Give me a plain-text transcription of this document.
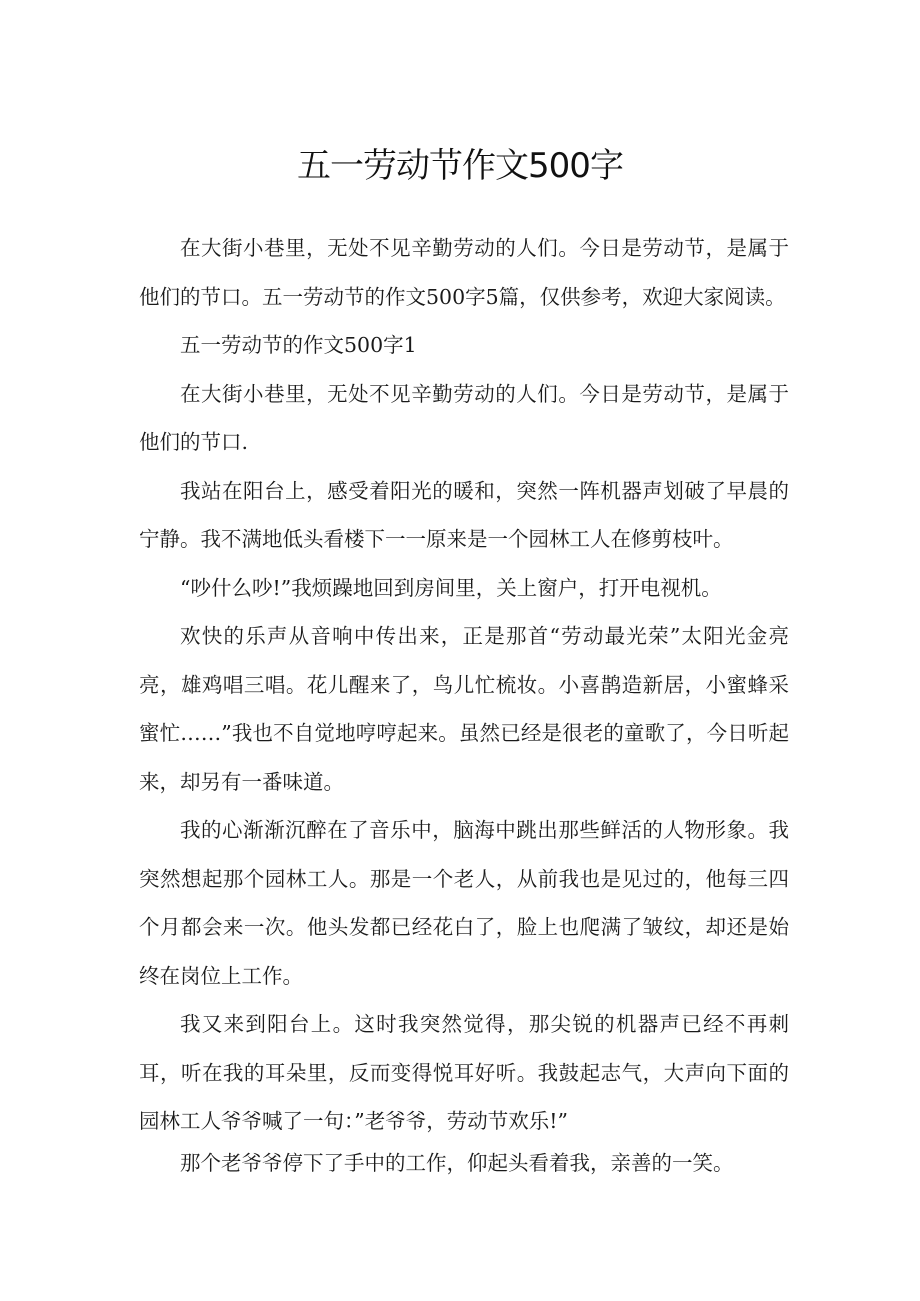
五一劳动节作文500字

在大街小巷里，无处不见辛勤劳动的人们。今日是劳动节，是属于他们的节口。五一劳动节的作文500字5篇，仅供参考，欢迎大家阅读。

五一劳动节的作文500字1

在大街小巷里，无处不见辛勤劳动的人们。今日是劳动节，是属于他们的节口.

我站在阳台上，感受着阳光的暖和，突然一阵机器声划破了早晨的宁静。我不满地低头看楼下一一原来是一个园林工人在修剪枝叶。

“吵什么吵!”我烦躁地回到房间里，关上窗户，打开电视机。

欢快的乐声从音响中传出来，正是那首“劳动最光荣”太阳光金亮亮，雄鸡唱三唱。花儿醒来了，鸟儿忙梳妆。小喜鹊造新居，小蜜蜂采蜜忙……”我也不自觉地哼哼起来。虽然已经是很老的童歌了，今日听起来，却另有一番味道。

我的心渐渐沉醉在了音乐中，脑海中跳出那些鲜活的人物形象。我突然想起那个园林工人。那是一个老人，从前我也是见过的，他每三四个月都会来一次。他头发都已经花白了，脸上也爬满了皱纹，却还是始终在岗位上工作。

我又来到阳台上。这时我突然觉得，那尖锐的机器声已经不再刺耳，听在我的耳朵里，反而变得悦耳好听。我鼓起志气，大声向下面的园林工人爷爷喊了一句：”老爷爷，劳动节欢乐!”

那个老爷爷停下了手中的工作，仰起头看着我，亲善的一笑。
